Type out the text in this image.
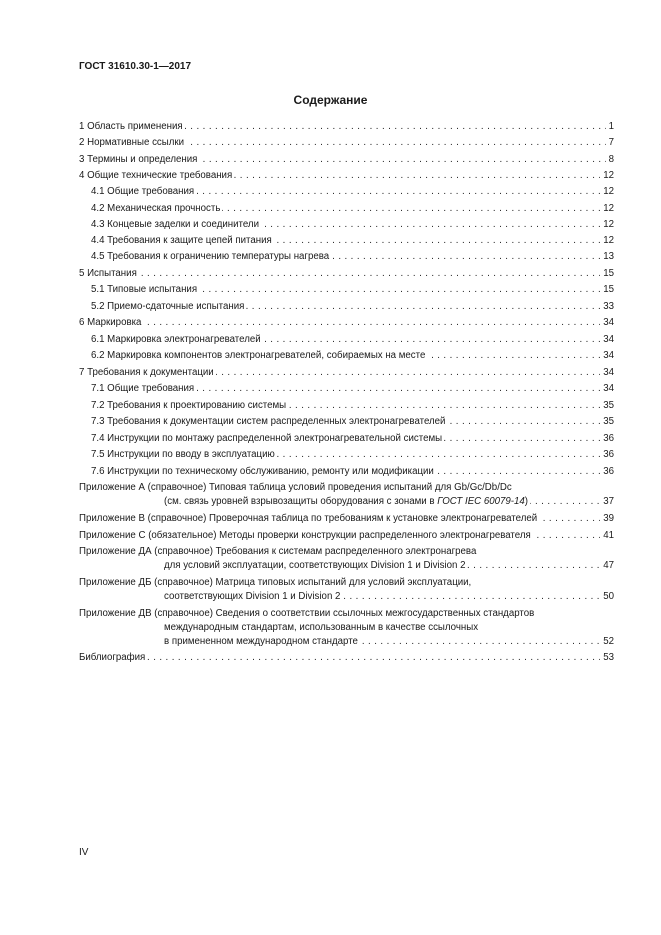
ГОСТ 31610.30-1—2017
Содержание
. . . 1 Область применения	1
. . . 2 Нормативные ссылки	7
. . . 3 Термины и определения	8
. . . 4 Общие технические требования	12
. . . 4.1 Общие требования	12
. . . 4.2 Механическая прочность	12
. . . 4.3 Концевые заделки и соединители	12
. . . 4.4 Требования к защите цепей питания	12
. . . 4.5 Требования к ограничению температуры нагрева	13
. . . 5 Испытания	15
. . . 5.1 Типовые испытания	15
. . . 5.2 Приемо-сдаточные испытания	33
. . . 6 Маркировка	34
. . . 6.1 Маркировка электронагревателей	34
. . . 6.2 Маркировка компонентов электронагревателей, собираемых на месте	34
. . . 7 Требования к документации	34
. . . 7.1 Общие требования	34
. . . 7.2 Требования к проектированию системы	35
. . . 7.3 Требования к документации систем распределенных электронагревателей	35
. . . 7.4 Инструкции по монтажу распределенной электронагревательной системы	36
. . . 7.5 Инструкции по вводу в эксплуатацию	36
. . . 7.6 Инструкции по техническому обслуживанию, ремонту или модификации	36
Приложение А (справочное) Типовая таблица условий проведения испытаний для Gb/Gc/Db/Dc
. . . (см. связь уровней взрывозащиты оборудования с зонами в ГОСТ IEC 60079-14)	37
. . . Приложение В (справочное) Проверочная таблица по требованиям к установке электронагревателей	39
. . . Приложение С (обязательное) Методы проверки конструкции распределенного электронагревателя	41
Приложение ДА (справочное) Требования к системам распределенного электронагрева
. . . для условий эксплуатации, соответствующих Division 1 и Division 2	47
Приложение ДБ (справочное) Матрица типовых испытаний для условий эксплуатации,
. . . соответствующих Division 1 и Division 2	50
Приложение ДВ (справочное) Сведения о соответствии ссылочных межгосударственных стандартов
международным стандартам, использованным в качестве ссылочных
. . . в примененном международном стандарте	52
. . . Библиография	53
IV
